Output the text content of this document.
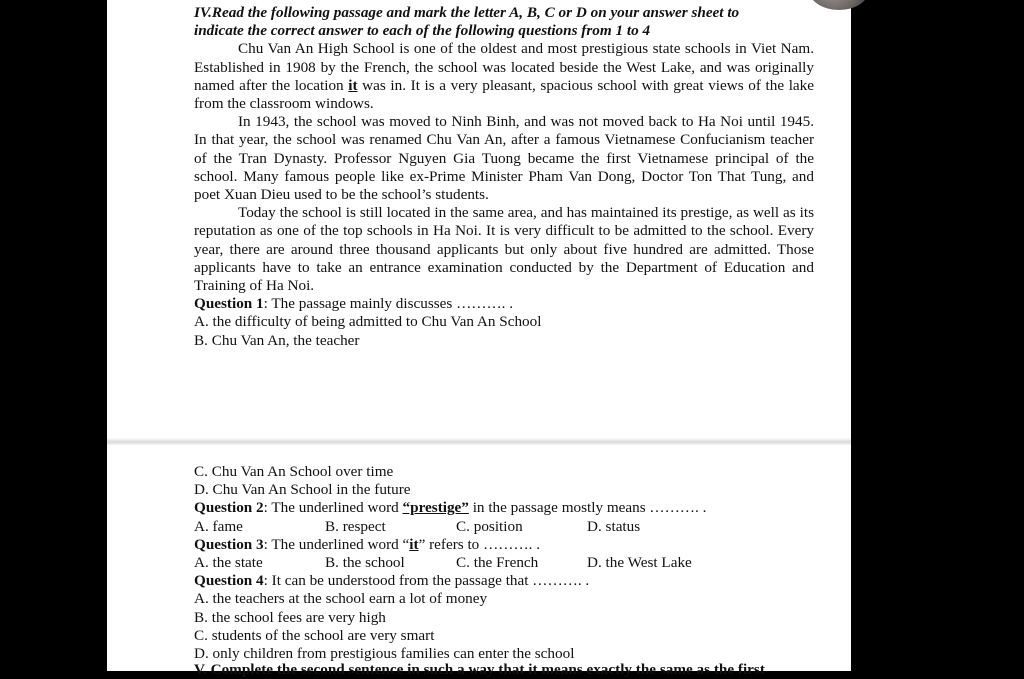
IV.Read the following passage and mark the letter A, B, C or D on your answer sheet to

indicate the correct answer to each of the following questions from 1 to 4

Chu Van An High School is one of the oldest and most prestigious state schools in Viet Nam. Established in 1908 by the French, the school was located beside the West Lake, and was originally named after the location it was in. It is a very pleasant, spacious school with great views of the lake from the classroom windows.

In 1943, the school was moved to Ninh Binh, and was not moved back to Ha Noi until 1945. In that year, the school was renamed Chu Van An, after a famous Vietnamese Confucianism teacher of the Tran Dynasty. Professor Nguyen Gia Tuong became the first Vietnamese principal of the school. Many famous people like ex-Prime Minister Pham Van Dong, Doctor Ton That Tung, and poet Xuan Dieu used to be the school’s students.

Today the school is still located in the same area, and has maintained its prestige, as well as its reputation as one of the top schools in Ha Noi. It is very difficult to be admitted to the school. Every year, there are around three thousand applicants but only about five hundred are admitted. Those applicants have to take an entrance examination conducted by the Department of Education and Training of Ha Noi.

Question 1: The passage mainly discusses ………. .

A. the difficulty of being admitted to Chu Van An School

B. Chu Van An, the teacher

C. Chu Van An School over time

D. Chu Van An School in the future

Question 2: The underlined word “prestige” in the passage mostly means ………. .

A. fame	B. respect	C. position	D. status

Question 3: The underlined word “it” refers to ………. .

A. the state	B. the school	C. the French	D. the West Lake

Question 4: It can be understood from the passage that ………. .

A. the teachers at the school earn a lot of money

B. the school fees are very high

C. students of the school are very smart

D. only children from prestigious families can enter the school

V. Complete the second sentence in such a way that it means exactly the same as the first
